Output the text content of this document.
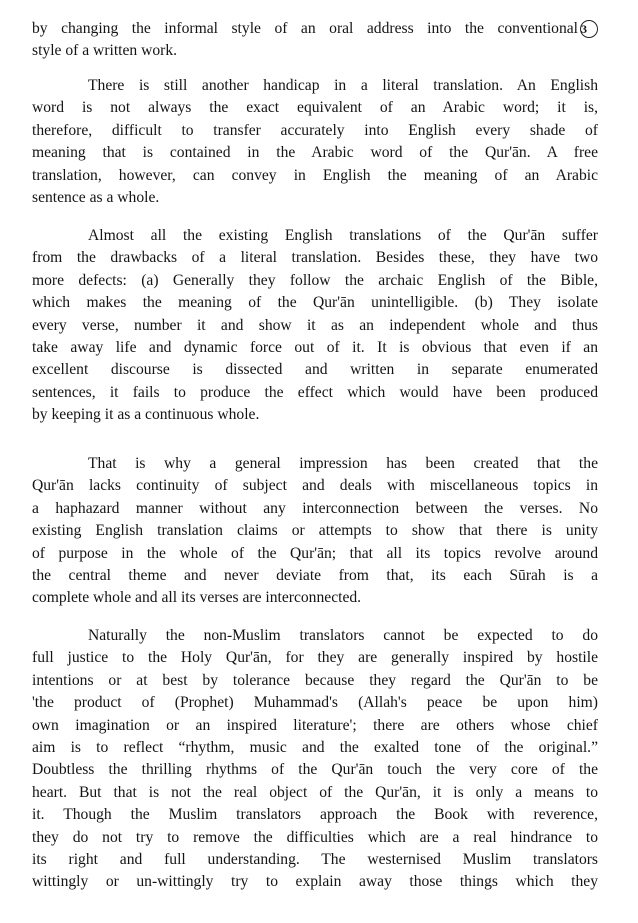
by changing the informal style of an oral address into the conventional 3
style of a written work.
There is still another handicap in a literal translation. An English
word is not always the exact equivalent of an Arabic word; it is,
therefore, difficult to transfer accurately into English every shade of
meaning that is contained in the Arabic word of the Qur'ān. A free
translation, however, can convey in English the meaning of an Arabic
sentence as a whole.
Almost all the existing English translations of the Qur'ān suffer
from the drawbacks of a literal translation. Besides these, they have two
more defects: (a) Generally they follow the archaic English of the Bible,
which makes the meaning of the Qur'ān unintelligible. (b) They isolate
every verse, number it and show it as an independent whole and thus
take away life and dynamic force out of it. It is obvious that even if an
excellent discourse is dissected and written in separate enumerated
sentences, it fails to produce the effect which would have been produced
by keeping it as a continuous whole.
That is why a general impression has been created that the
Qur'ān lacks continuity of subject and deals with miscellaneous topics in
a haphazard manner without any interconnection between the verses. No
existing English translation claims or attempts to show that there is unity
of purpose in the whole of the Qur'ān; that all its topics revolve around
the central theme and never deviate from that, its each Sūrah is a
complete whole and all its verses are interconnected.
Naturally the non-Muslim translators cannot be expected to do
full justice to the Holy Qur'ān, for they are generally inspired by hostile
intentions or at best by tolerance because they regard the Qur'ān to be
'the product of (Prophet) Muhammad's (Allah's peace be upon him)
own imagination or an inspired literature'; there are others whose chief
aim is to reflect “rhythm, music and the exalted tone of the original.”
Doubtless the thrilling rhythms of the Qur'ān touch the very core of the
heart. But that is not the real object of the Qur'ān, it is only a means to
it. Though the Muslim translators approach the Book with reverence,
they do not try to remove the difficulties which are a real hindrance to
its right and full understanding. The westernised Muslim translators
wittingly or un-wittingly try to explain away those things which they
